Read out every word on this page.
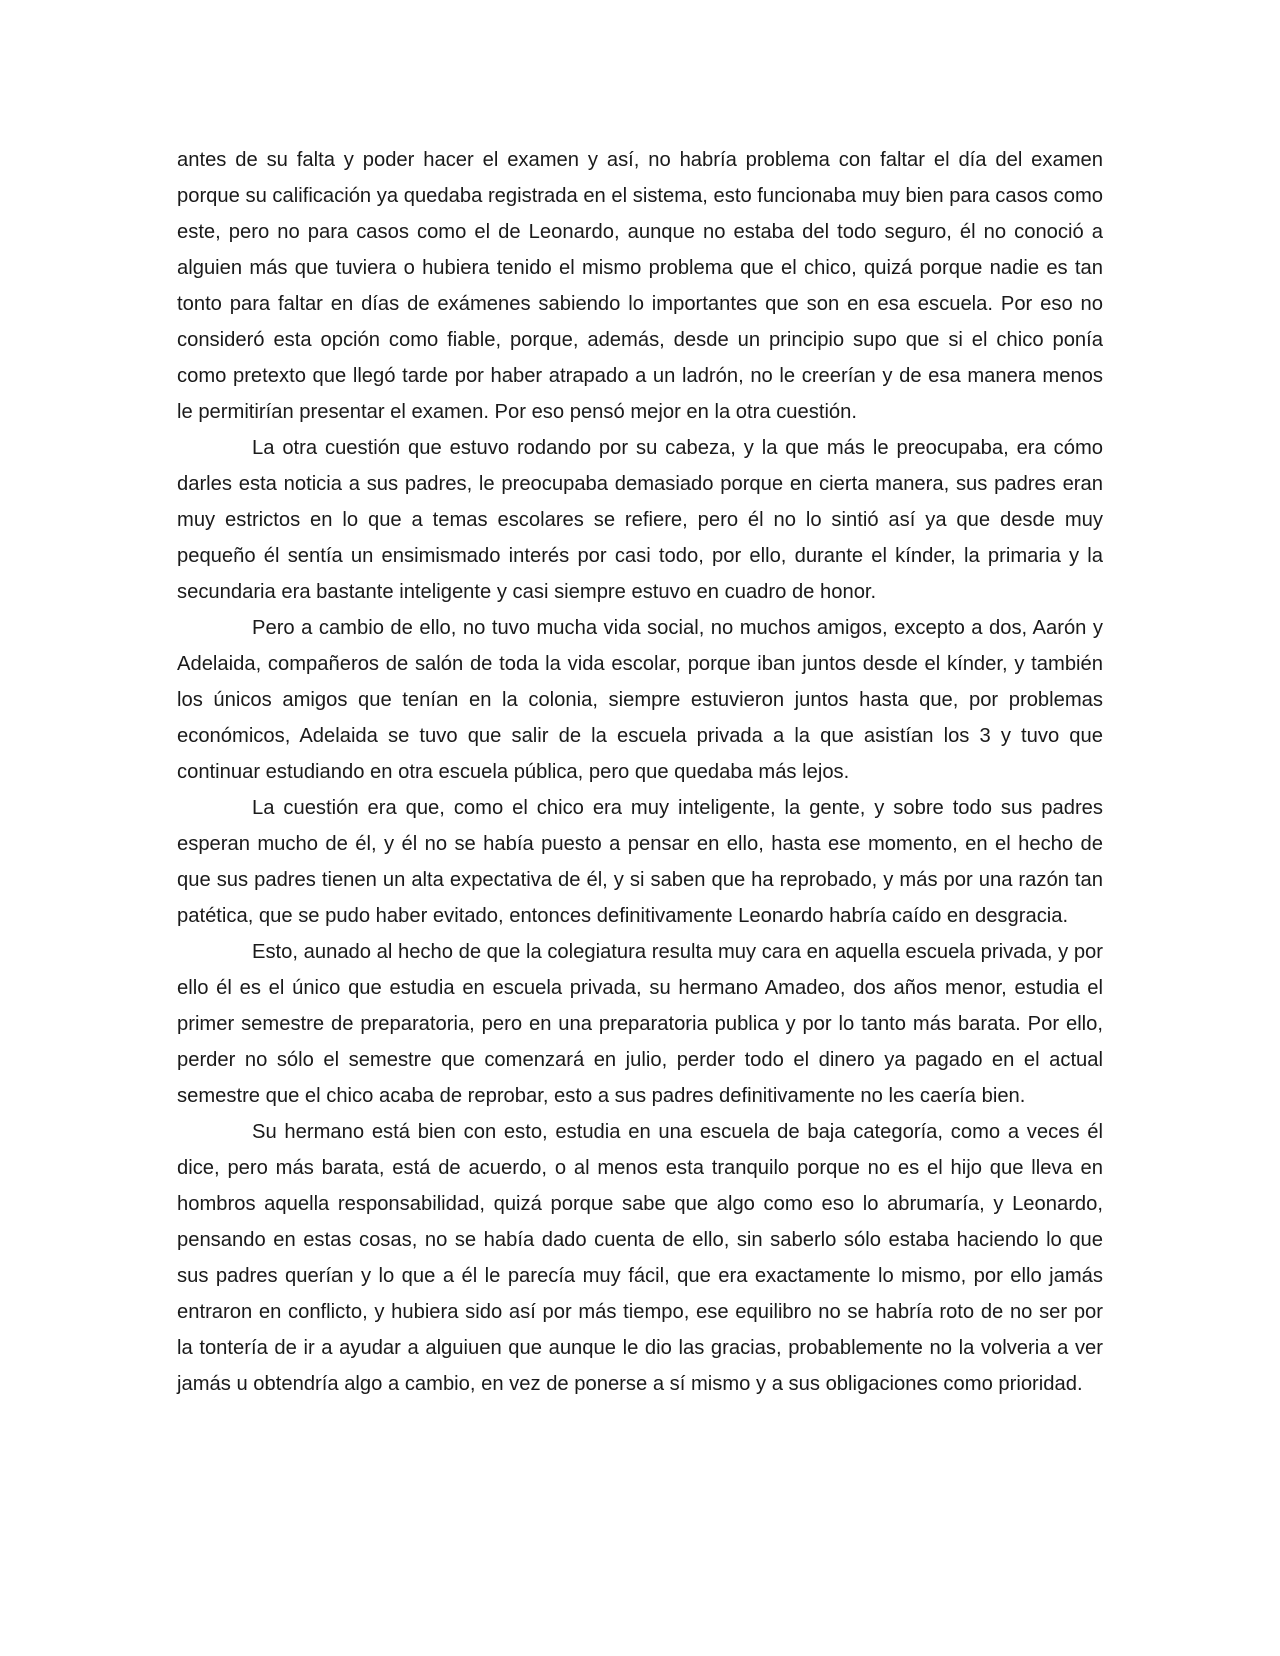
antes de su falta y poder hacer el examen y así, no habría problema con faltar el día del examen porque su calificación ya quedaba registrada en el sistema, esto funcionaba muy bien para casos como este, pero no para casos como el de Leonardo, aunque no estaba del todo seguro, él no conoció a alguien más que tuviera o hubiera tenido el mismo problema que el chico, quizá porque nadie es tan tonto para faltar en días de exámenes sabiendo lo importantes que son en esa escuela. Por eso no consideró esta opción como fiable, porque, además, desde un principio supo que si el chico ponía como pretexto que llegó tarde por haber atrapado a un ladrón, no le creerían y de esa manera menos le permitirían presentar el examen. Por eso pensó mejor en la otra cuestión.

La otra cuestión que estuvo rodando por su cabeza, y la que más le preocupaba, era cómo darles esta noticia a sus padres, le preocupaba demasiado porque en cierta manera, sus padres eran muy estrictos en lo que a temas escolares se refiere, pero él no lo sintió así ya que desde muy pequeño él sentía un ensimismado interés por casi todo, por ello, durante el kínder, la primaria y la secundaria era bastante inteligente y casi siempre estuvo en cuadro de honor.

Pero a cambio de ello, no tuvo mucha vida social, no muchos amigos, excepto a dos, Aarón y Adelaida, compañeros de salón de toda la vida escolar, porque iban juntos desde el kínder, y también los únicos amigos que tenían en la colonia, siempre estuvieron juntos hasta que, por problemas económicos, Adelaida se tuvo que salir de la escuela privada a la que asistían los 3 y tuvo que continuar estudiando en otra escuela pública, pero que quedaba más lejos.

La cuestión era que, como el chico era muy inteligente, la gente, y sobre todo sus padres esperan mucho de él, y él no se había puesto a pensar en ello, hasta ese momento, en el hecho de que sus padres tienen un alta expectativa de él, y si saben que ha reprobado, y más por una razón tan patética, que se pudo haber evitado, entonces definitivamente Leonardo habría caído en desgracia.

Esto, aunado al hecho de que la colegiatura resulta muy cara en aquella escuela privada, y por ello él es el único que estudia en escuela privada, su hermano Amadeo, dos años menor, estudia el primer semestre de preparatoria, pero en una preparatoria publica y por lo tanto más barata. Por ello, perder no sólo el semestre que comenzará en julio, perder todo el dinero ya pagado en el actual semestre que el chico acaba de reprobar, esto a sus padres definitivamente no les caería bien.

Su hermano está bien con esto, estudia en una escuela de baja categoría, como a veces él dice, pero más barata, está de acuerdo, o al menos esta tranquilo porque no es el hijo que lleva en hombros aquella responsabilidad, quizá porque sabe que algo como eso lo abrumaría, y Leonardo, pensando en estas cosas, no se había dado cuenta de ello, sin saberlo sólo estaba haciendo lo que sus padres querían y lo que a él le parecía muy fácil, que era exactamente lo mismo, por ello jamás entraron en conflicto, y hubiera sido así por más tiempo, ese equilibro no se habría roto de no ser por la tontería de ir a ayudar a alguiuen que aunque le dio las gracias, probablemente no la volveria a ver jamás u obtendría algo a cambio, en vez de ponerse a sí mismo y a sus obligaciones como prioridad.
